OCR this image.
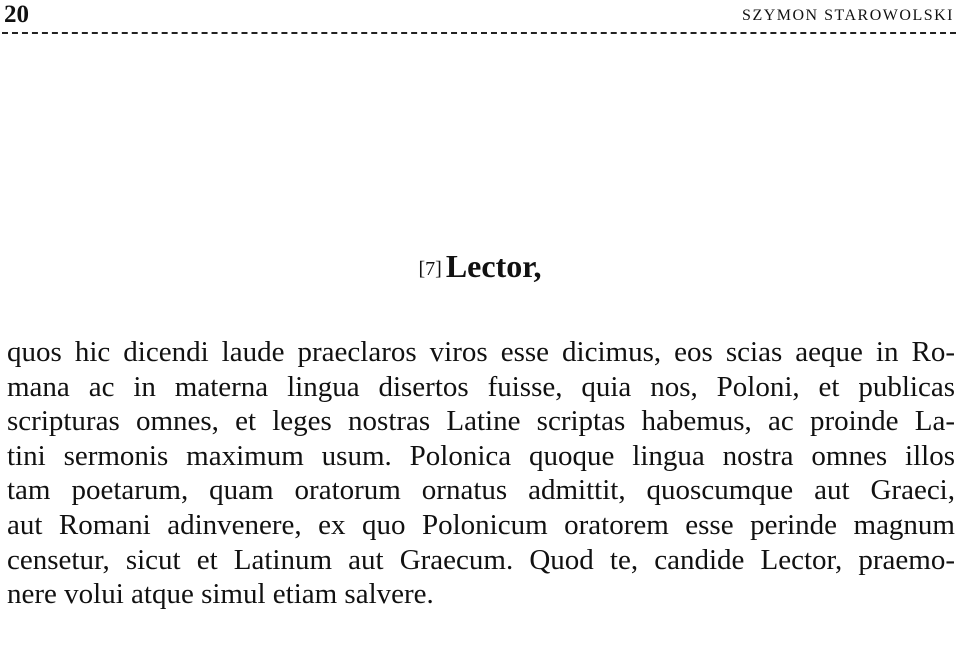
20	SZYMON STAROWOLSKI
[7] Lector,

quos hic dicendi laude praeclaros viros esse dicimus, eos scias aeque in Ro-
mana ac in materna lingua disertos fuisse, quia nos, Poloni, et publicas
scripturas omnes, et leges nostras Latine scriptas habemus, ac proinde La-
tini sermonis maximum usum. Polonica quoque lingua nostra omnes illos
tam poetarum, quam oratorum ornatus admittit, quoscumque aut Graeci,
aut Romani adinvenere, ex quo Polonicum oratorem esse perinde magnum
censetur, sicut et Latinum aut Graecum. Quod te, candide Lector, praemo-
nere volui atque simul etiam salvere.
